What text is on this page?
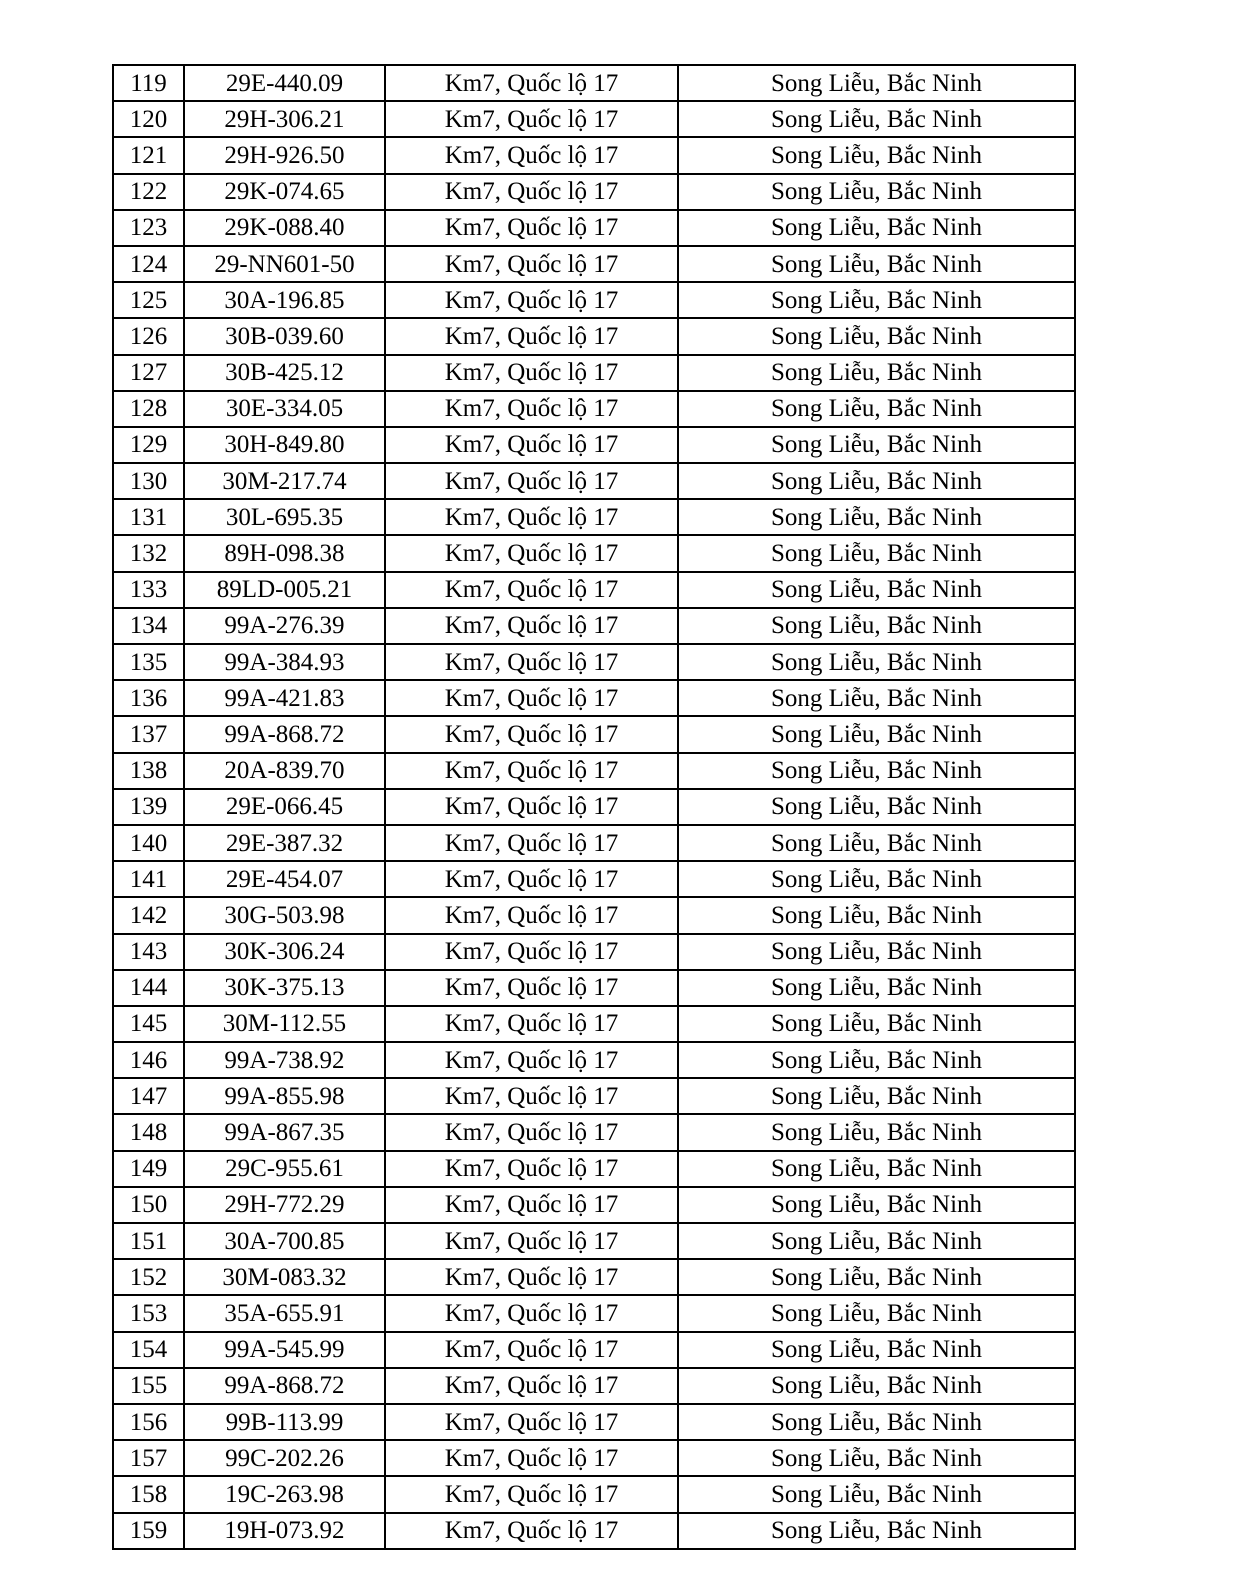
119	29E-440.09	Km7, Quốc lộ 17	Song Liễu, Bắc Ninh
120	29H-306.21	Km7, Quốc lộ 17	Song Liễu, Bắc Ninh
121	29H-926.50	Km7, Quốc lộ 17	Song Liễu, Bắc Ninh
122	29K-074.65	Km7, Quốc lộ 17	Song Liễu, Bắc Ninh
123	29K-088.40	Km7, Quốc lộ 17	Song Liễu, Bắc Ninh
124	29-NN601-50	Km7, Quốc lộ 17	Song Liễu, Bắc Ninh
125	30A-196.85	Km7, Quốc lộ 17	Song Liễu, Bắc Ninh
126	30B-039.60	Km7, Quốc lộ 17	Song Liễu, Bắc Ninh
127	30B-425.12	Km7, Quốc lộ 17	Song Liễu, Bắc Ninh
128	30E-334.05	Km7, Quốc lộ 17	Song Liễu, Bắc Ninh
129	30H-849.80	Km7, Quốc lộ 17	Song Liễu, Bắc Ninh
130	30M-217.74	Km7, Quốc lộ 17	Song Liễu, Bắc Ninh
131	30L-695.35	Km7, Quốc lộ 17	Song Liễu, Bắc Ninh
132	89H-098.38	Km7, Quốc lộ 17	Song Liễu, Bắc Ninh
133	89LD-005.21	Km7, Quốc lộ 17	Song Liễu, Bắc Ninh
134	99A-276.39	Km7, Quốc lộ 17	Song Liễu, Bắc Ninh
135	99A-384.93	Km7, Quốc lộ 17	Song Liễu, Bắc Ninh
136	99A-421.83	Km7, Quốc lộ 17	Song Liễu, Bắc Ninh
137	99A-868.72	Km7, Quốc lộ 17	Song Liễu, Bắc Ninh
138	20A-839.70	Km7, Quốc lộ 17	Song Liễu, Bắc Ninh
139	29E-066.45	Km7, Quốc lộ 17	Song Liễu, Bắc Ninh
140	29E-387.32	Km7, Quốc lộ 17	Song Liễu, Bắc Ninh
141	29E-454.07	Km7, Quốc lộ 17	Song Liễu, Bắc Ninh
142	30G-503.98	Km7, Quốc lộ 17	Song Liễu, Bắc Ninh
143	30K-306.24	Km7, Quốc lộ 17	Song Liễu, Bắc Ninh
144	30K-375.13	Km7, Quốc lộ 17	Song Liễu, Bắc Ninh
145	30M-112.55	Km7, Quốc lộ 17	Song Liễu, Bắc Ninh
146	99A-738.92	Km7, Quốc lộ 17	Song Liễu, Bắc Ninh
147	99A-855.98	Km7, Quốc lộ 17	Song Liễu, Bắc Ninh
148	99A-867.35	Km7, Quốc lộ 17	Song Liễu, Bắc Ninh
149	29C-955.61	Km7, Quốc lộ 17	Song Liễu, Bắc Ninh
150	29H-772.29	Km7, Quốc lộ 17	Song Liễu, Bắc Ninh
151	30A-700.85	Km7, Quốc lộ 17	Song Liễu, Bắc Ninh
152	30M-083.32	Km7, Quốc lộ 17	Song Liễu, Bắc Ninh
153	35A-655.91	Km7, Quốc lộ 17	Song Liễu, Bắc Ninh
154	99A-545.99	Km7, Quốc lộ 17	Song Liễu, Bắc Ninh
155	99A-868.72	Km7, Quốc lộ 17	Song Liễu, Bắc Ninh
156	99B-113.99	Km7, Quốc lộ 17	Song Liễu, Bắc Ninh
157	99C-202.26	Km7, Quốc lộ 17	Song Liễu, Bắc Ninh
158	19C-263.98	Km7, Quốc lộ 17	Song Liễu, Bắc Ninh
159	19H-073.92	Km7, Quốc lộ 17	Song Liễu, Bắc Ninh
